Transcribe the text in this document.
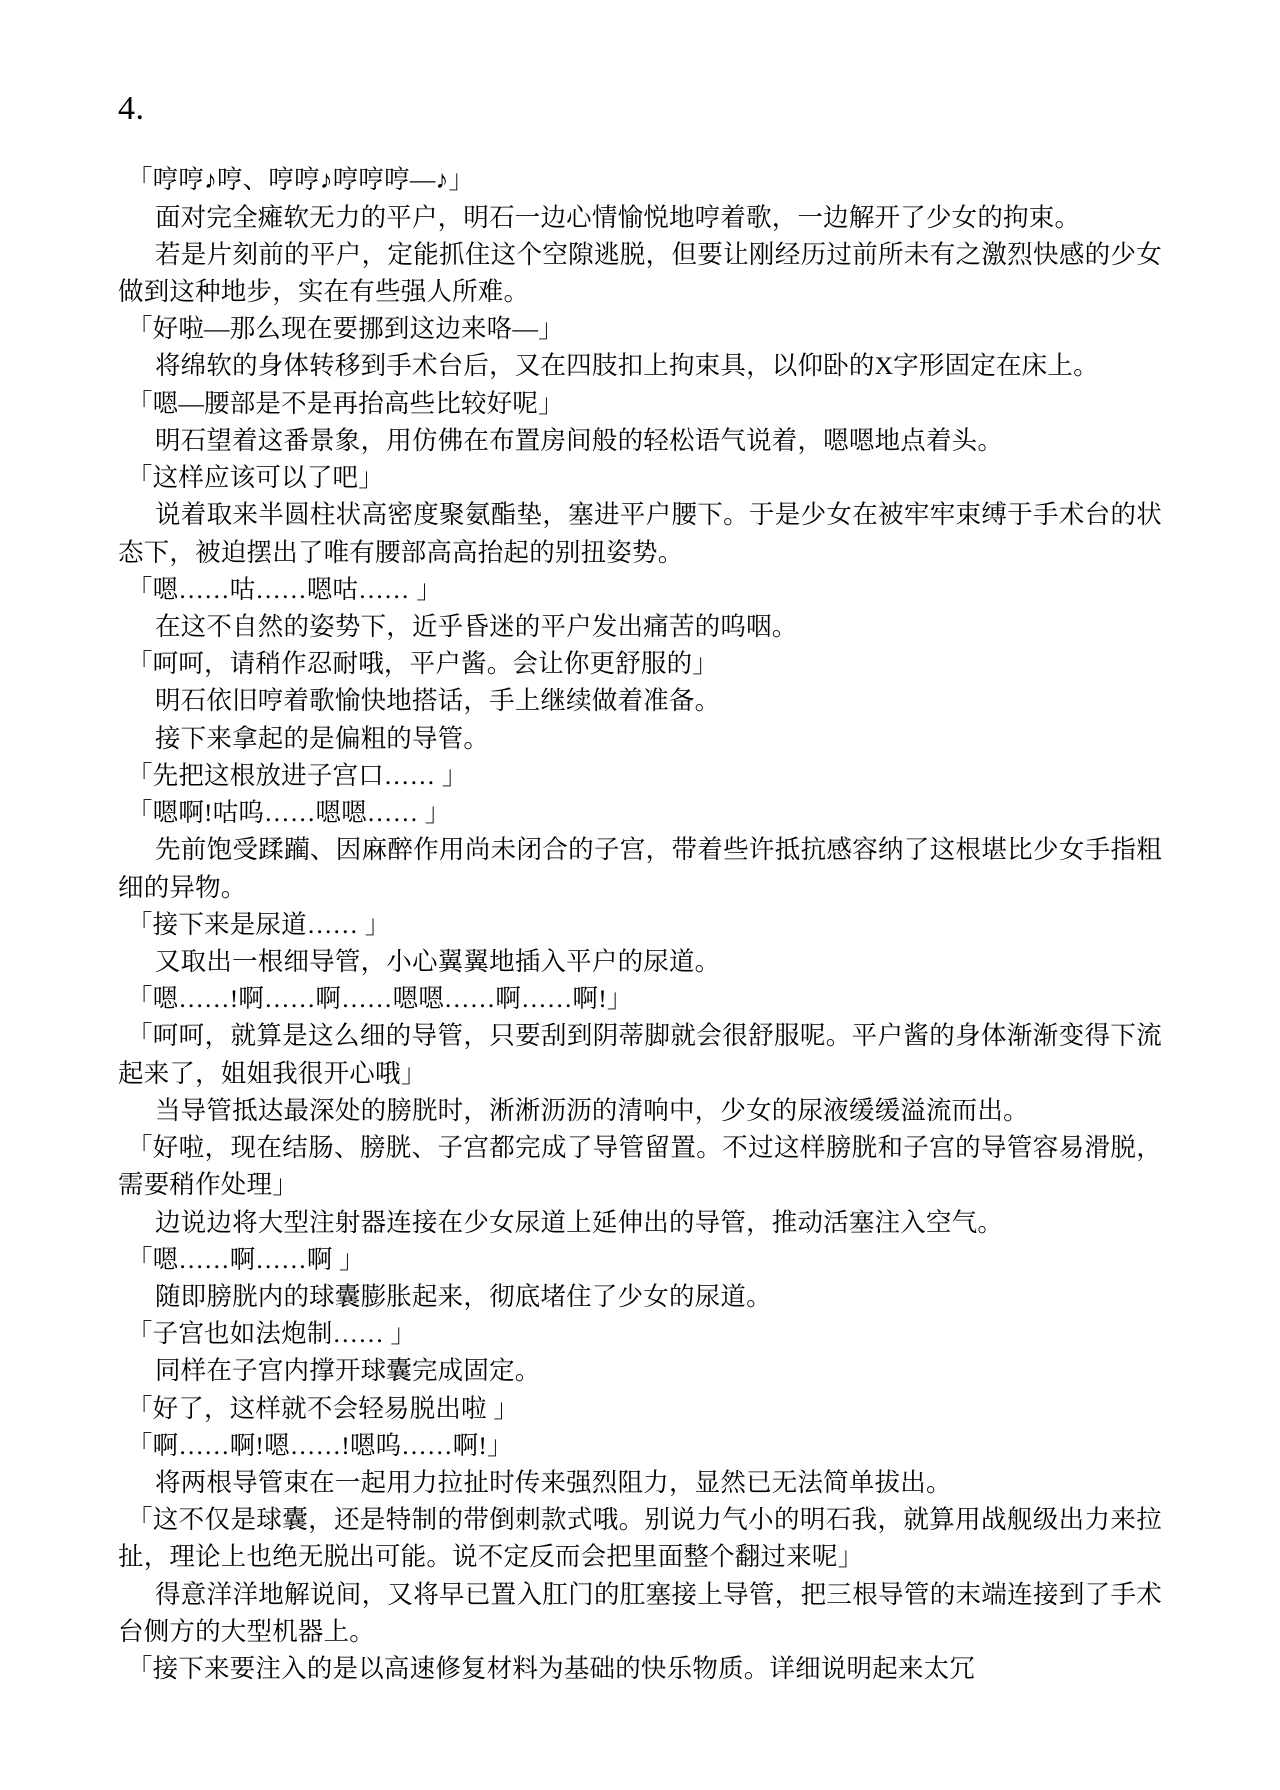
4.

「哼哼♪哼、哼哼♪哼哼哼—♪」

面对完全瘫软无力的平户，明石一边心情愉悦地哼着歌，一边解开了少女的拘束。

若是片刻前的平户，定能抓住这个空隙逃脱，但要让刚经历过前所未有之激烈快感的少女做到这种地步，实在有些强人所难。

「好啦—那么现在要挪到这边来咯—」

将绵软的身体转移到手术台后，又在四肢扣上拘束具，以仰卧的X字形固定在床上。

「嗯—腰部是不是再抬高些比较好呢」

明石望着这番景象，用仿佛在布置房间般的轻松语气说着，嗯嗯地点着头。

「这样应该可以了吧」

说着取来半圆柱状高密度聚氨酯垫，塞进平户腰下。于是少女在被牢牢束缚于手术台的状态下，被迫摆出了唯有腰部高高抬起的别扭姿势。

「嗯……咕……嗯咕…… 」

在这不自然的姿势下，近乎昏迷的平户发出痛苦的呜咽。

「呵呵，请稍作忍耐哦，平户酱。会让你更舒服的」

明石依旧哼着歌愉快地搭话，手上继续做着准备。

接下来拿起的是偏粗的导管。

「先把这根放进子宫口…… 」

「嗯啊!咕呜……嗯嗯…… 」

先前饱受蹂躏、因麻醉作用尚未闭合的子宫，带着些许抵抗感容纳了这根堪比少女手指粗细的异物。

「接下来是尿道…… 」

又取出一根细导管，小心翼翼地插入平户的尿道。

「嗯……!啊……啊……嗯嗯……啊……啊!」

「呵呵，就算是这么细的导管，只要刮到阴蒂脚就会很舒服呢。平户酱的身体渐渐变得下流起来了，姐姐我很开心哦」

当导管抵达最深处的膀胱时，淅淅沥沥的清响中，少女的尿液缓缓溢流而出。

「好啦，现在结肠、膀胱、子宫都完成了导管留置。不过这样膀胱和子宫的导管容易滑脱，需要稍作处理」

边说边将大型注射器连接在少女尿道上延伸出的导管，推动活塞注入空气。

「嗯……啊……啊 」

随即膀胱内的球囊膨胀起来，彻底堵住了少女的尿道。

「子宫也如法炮制…… 」

同样在子宫内撑开球囊完成固定。

「好了，这样就不会轻易脱出啦 」

「啊……啊!嗯……!嗯呜……啊!」

将两根导管束在一起用力拉扯时传来强烈阻力，显然已无法简单拔出。

「这不仅是球囊，还是特制的带倒刺款式哦。别说力气小的明石我，就算用战舰级出力来拉扯，理论上也绝无脱出可能。说不定反而会把里面整个翻过来呢」

得意洋洋地解说间，又将早已置入肛门的肛塞接上导管，把三根导管的末端连接到了手术台侧方的大型机器上。

「接下来要注入的是以高速修复材料为基础的快乐物质。详细说明起来太冗
